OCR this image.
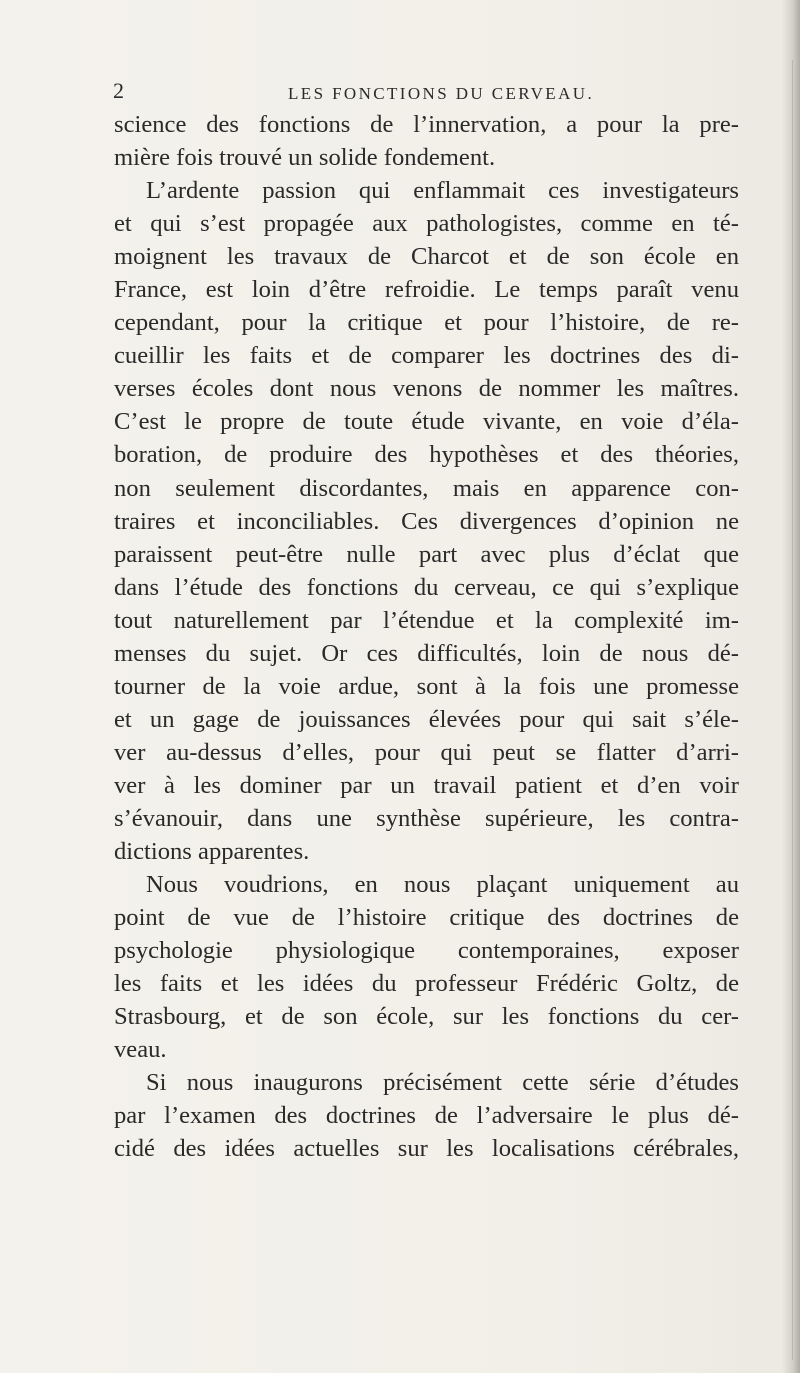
2	LES FONCTIONS DU CERVEAU.
science des fonctions de l’innervation, a pour la pre-
mière fois trouvé un solide fondement.
L’ardente passion qui enflammait ces investigateurs
et qui s’est propagée aux pathologistes, comme en té-
moignent les travaux de Charcot et de son école en
France, est loin d’être refroidie. Le temps paraît venu
cependant, pour la critique et pour l’histoire, de re-
cueillir les faits et de comparer les doctrines des di-
verses écoles dont nous venons de nommer les maîtres.
C’est le propre de toute étude vivante, en voie d’éla-
boration, de produire des hypothèses et des théories,
non seulement discordantes, mais en apparence con-
traires et inconciliables. Ces divergences d’opinion ne
paraissent peut-être nulle part avec plus d’éclat que
dans l’étude des fonctions du cerveau, ce qui s’explique
tout naturellement par l’étendue et la complexité im-
menses du sujet. Or ces difficultés, loin de nous dé-
tourner de la voie ardue, sont à la fois une promesse
et un gage de jouissances élevées pour qui sait s’éle-
ver au-dessus d’elles, pour qui peut se flatter d’arri-
ver à les dominer par un travail patient et d’en voir
s’évanouir, dans une synthèse supérieure, les contra-
dictions apparentes.
Nous voudrions, en nous plaçant uniquement au
point de vue de l’histoire critique des doctrines de
psychologie physiologique contemporaines, exposer
les faits et les idées du professeur Frédéric Goltz, de
Strasbourg, et de son école, sur les fonctions du cer-
veau.
Si nous inaugurons précisément cette série d’études
par l’examen des doctrines de l’adversaire le plus dé-
cidé des idées actuelles sur les localisations cérébrales,
